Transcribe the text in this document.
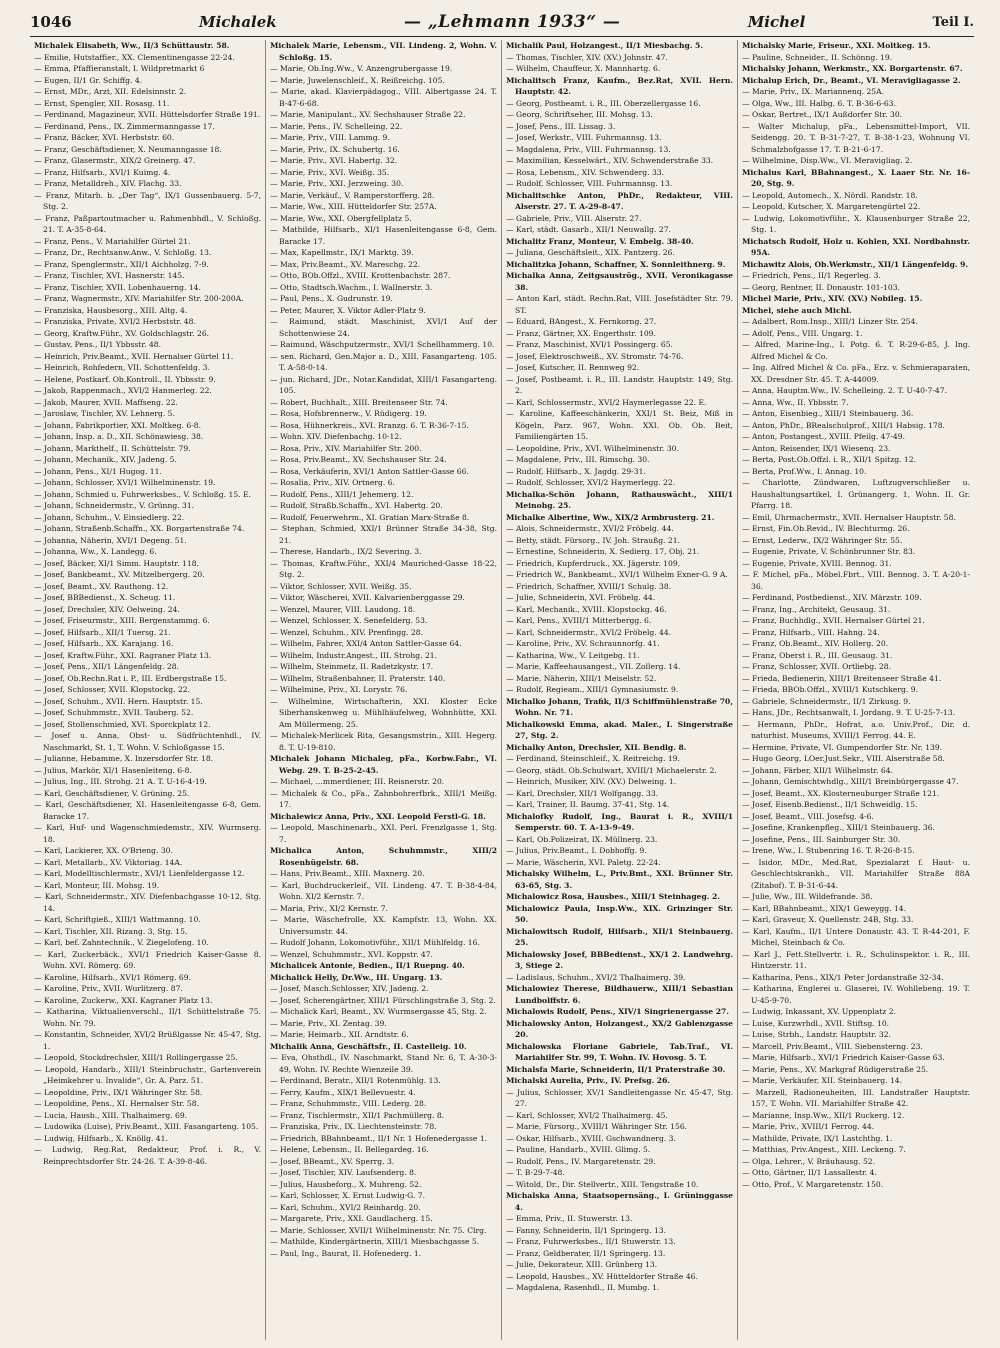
1046	Michalek	— „Lehmann 1933“ —	Michel	Teil I.
Michalek Elisabeth, Ww., II/3 Schüttaustr. 58.
— Emilie, Hutstaffier., XX. Clementinengasse 22-24.
— Emma, Pfaffieranstalt, I. Wildpretmarkt 6
— Eugen, II/1 Gr. Schiffg. 4.
— Ernst, MDr., Arzt, XII. Edelsinnstr. 2.
— Ernst, Spengler, XII. Rosasg. 11.
— Ferdinand, Magazineur, XVII. Hüttelsdorfer Straße 191.
— Ferdinand, Pens., IX. Zimmermanngasse 17.
— Franz, Bäcker, XVI. Herbststr. 60.
— Franz, Geschäftsdiener, X. Neumanngasse 18.
— Franz, Glasermstr., XIX/2 Greinerg. 47.
— Franz, Hilfsarb., XVI/1 Kuimg. 4.
— Franz, Metalldreh., XIV. Flachg. 33.
— Franz, Mitarb. b. „Der Tag“, IX/1 Gussenbauerg. 5-7, Stg. 2.
— Franz, Paßpartoutmacher u. Rahmenbhdl., V. Schloßg. 21. T. A-35-8-64.
— Franz, Pens., V. Mariahilfer Gürtel 21.
— Franz, Dr., Rechtsanw.Anw., V. Schloßg. 13.
— Franz, Spenglermstr., XII/1 Aichholzg. 7-9.
— Franz, Tischler, XVI. Hasnerstr. 145.
— Franz, Tischler, XVII. Lobenhauerng. 14.
— Franz, Wagnermstr., XIV. Mariahilfer Str. 200-200A.
— Franziska, Hausbesorg., XIII. Altg. 4.
— Franziska, Private, XVI/2 Herbststr. 48.
— Georg, Kraftw.Führ., XV. Goldschlagstr. 26.
— Gustav, Pens., II/1 Ybbsstr. 48.
— Heinrich, Priv.Beamt., XVII. Hernalser Gürtel 11.
— Heinrich, Rohfedern, VII. Schottenfeldg. 3.
— Helene, Postkarf. Ob.Kontroll., II. Ybbsstr. 9.
— Jakob, Rappenmach., XVI/2 Hanmerleg. 22.
— Jakob, Maurer, XVII. Maffseng. 22.
— Jaroslaw, Tischler, XV. Lehnerg. 5.
— Johann, Fabrikportier, XXI. Moltkeg. 6-8.
— Johann, Insp. a. D., XII. Schönawiesg. 38.
— Johann, Markthelf., II. Schüttelstr. 79.
— Johann, Mechanik., XIV. Jadeng. 5.
— Johann, Pens., XI/1 Hugog. 11.
— Johann, Schlosser, XVI/1 Wilhelminenstr. 19.
— Johann, Schmied u. Fuhrwerksbes., V. Schloßg. 15. E.
— Johann, Schneidermstr., V. Grünng. 31.
— Johann, Schuhm., V. Einsiedlerg. 22.
— Johann, Straßenb.Schaffn., XX. Borgartenstraße 74.
— Johanna, Näherin, XVI/1 Degeng. 51.
— Johanna, Ww., X. Landegg. 6.
— Josef, Bäcker, XI/1 Simm. Hauptstr. 118.
— Josef, Bankbeamt., XV. Mitzelbergerg. 20.
— Josef, Beamt., XV. Rauthong. 12.
— Josef, BBBedienst., X. Scheug. 11.
— Josef, Drechsler, XIV. Oelweing. 24.
— Josef, Friseurmstr., XIII. Bergenstammg. 6.
— Josef, Hilfsarb., XII/1 Tuersg. 21.
— Josef, Hilfsarb., XX. Karajang. 16.
— Josef, Kraftw.Führ., XXI. Ragraner Platz 13.
— Josef, Pens., XII/1 Längenfeldg. 28.
— Josef, Ob.Rechn.Rat i. P., III. Erdbergstraße 15.
— Josef, Schlosser, XVII. Klopstockg. 22.
— Josef, Schuhm., XVII. Hern. Hauptstr. 15.
— Josef, Schuhmmstr., XVII. Tauberg. 52.
— Josef, Stollenschmied, XVI. Sporckplatz 12.
— Josef u. Anna, Obst- u. Südfrüchtenhdl., IV. Naschmarkt, St. 1, T. Wohn. V. Schloßgasse 15.
— Julianne, Hebamme, X. Inzersdorfer Str. 18.
— Julius, Markör, XI/1 Hasenleiteng. 6-8.
— Julius, Ing., III. Strohg. 21 A. T. U-16-4-19.
— Karl, Geschäftsdiener, V. Grüning. 25.
— Karl, Geschäftsdiener, XI. Hasenleitengasse 6-8, Gem. Baracke 17.
— Karl, Huf- und Wagenschmiedemstr., XIV. Wurmserg. 18.
— Karl, Lackierer, XX. O'Brieng. 30.
— Karl, Metallarb., XV. Viktoriag. 14A.
— Karl, Modelltischlermstr., XVI/1 Lienfeldergasse 12.
— Karl, Monteur, III. Mohsg. 19.
— Karl, Schneidermstr., XIV. Diefenbachgasse 10-12, Stg. 14.
— Karl, Schriftgieß., XIII/1 Wattmanng. 10.
— Karl, Tischler, XII. Rizang. 3, Stg. 15.
— Karl, bef. Zahntechnik., V. Ziegelofeng. 10.
— Karl, Zuckerbäck., XVI/1 Friedrich Kaiser-Gasse 8. Wohn. XVI. Römerg. 69.
— Karoline, Hilfsarb., XVI/1 Römerg. 69.
— Karoline, Priv., XVII. Wurlitzerg. 87.
— Karoline, Zuckerw., XXI. Kagraner Platz 13.
— Katharina, Viktualienverschl., II/1 Schüttelstraße 75. Wohn. Nr. 79.
— Konstantin, Schneider, XVI/2 Brüßlgasse Nr. 45-47, Stg. 1.
— Leopold, Stockdrechsler, XIII/1 Rollingergasse 25.
— Leopold, Handarb., XIII/1 Steinbruchstr., Gartenverein „Heimkehrer u. Invalide“, Gr. A. Parz. 51.
— Leopoldine, Priv., IX/1 Währinger Str. 58.
— Leopoldine, Pens., XI. Hernalser Str. 58.
— Lucia, Hausb., XIII. Thalhaimerg. 69.
— Ludowika (Luise), Priv.Beamt., XIII. Fasangarteng. 105.
— Ludwig, Hilfsarb., X. Knöllg. 41.
— Ludwig, Reg.Rat, Redakteur, Prof. i. R., V. Reinprechtsdorfer Str. 24-26. T. A-39-8-46.
Michalek Marie, Lebensm., VII. Lindeng. 2, Wohn. V. Schloßg. 15.
— Marie, Ob.Ing.Ww., V. Anzengrubergasse 19.
— Marie, Juwelenschleif., X. Reißreichg. 105.
— Marie, akad. Klavierpädagog., VIII. Albertgasse 24. T. B-47-6-68.
— Marie, Manipulant., XV. Sechshauser Straße 22.
— Marie, Pens., IV. Schelleing. 22.
— Marie, Priv., VIII. Lammg. 9.
— Marie, Priv., IX. Schubertg. 16.
— Marie, Priv., XVI. Habertg. 32.
— Marie, Priv., XVI. Weißg. 35.
— Marie, Priv., XXI. Jerzweing. 30.
— Marie, Verkäuf., V. Ramperstorfferg. 28.
— Marie, Ww., XIII. Hütteldorfer Str. 257A.
— Marie, Ww., XXI. Obergfellplatz 5.
— Mathilde, Hilfsarb., XI/1 Hasenleitengasse 6-8, Gem. Baracke 17.
— Max, Kapellmstr., IX/1 Marktg. 39.
— Max, Priv.Beamt., XV. Mareschg. 22.
— Otto, BOb.Offzl., XVIII. Krottenbachstr. 287.
— Otto, Stadtsch.Wachm., I. Wallnerstr. 3.
— Paul, Pens., X. Gudrunstr. 19.
— Peter, Maurer, X. Viktor Adler-Platz 9.
— Raimund, städt. Maschinist, XVI/1 Auf der Schottenwiese 24.
— Raimund, Wäschputzermstr., XVI/1 Schellhammerg. 10.
— sen. Richard, Gen.Major a. D., XIII. Fasangarteng. 105. T. A-58-0-14.
— jun. Richard, JDr., Notar.Kandidat, XIII/1 Fasangarteng. 105.
— Robert, Buchhalt., XIII. Breitenseer Str. 74.
— Rosa, Hofsbrennerw., V. Rüdigerg. 19.
— Rosa, Hühnerkreis., XVI. Rranzg. 6. T. R-36-7-15.
— Wohn. XIV. Diefenbachg. 10-12.
— Rosa, Priv., XIV. Mariahilfer Str. 200.
— Rosa, Priv.Beamt., XV. Sechshauser Str. 24.
— Rosa, Verkäuferin, XVI/1 Anton Sattler-Gasse 66.
— Rosalia, Priv., XIV. Ortnerg. 6.
— Rudolf, Pens., XIII/1 Jehemerg. 12.
— Rudolf, Straßb.Schaffn., XVI. Habertg. 20.
— Rudolf, Feuerwehrm., XI. Gratian Marx-Straße 8.
— Stephan, Schmied, XXI/1 Brünner Straße 34-38, Stg. 21.
— Therese, Handarb., IX/2 Severing. 3.
— Thomas, Kraftw.Führ., XXI/4 Mauriched-Gasse 18-22, Stg. 2.
— Viktor, Schlosser, XVII. Weißg. 35.
— Viktor, Wäscherei, XVII. Kalvarienberggasse 29.
— Wenzel, Maurer, VIII. Laudong. 18.
— Wenzel, Schlosser, X. Senefelderg. 53.
— Wenzel, Schuhm., XIV. Prenfingg. 28.
— Wilhelm, Fahrer, XXI/4 Anton Sattler-Gasse 64.
— Wilhelm, Industr.Angest., III. Strohg. 21.
— Wilhelm, Steinmetz, II. Radetzkystr. 17.
— Wilhelm, Straßenbahner, II. Praterstr. 140.
— Wilhelmine, Priv., XI. Lorystr. 76.
— Wilhelmine, Wirtschafterin, XXI. Kloster Ecke Siberhanskenweg u. Mühlhäufelweg, Wohnhütte, XXI. Am Müllermeng. 25.
— Michalek-Merlicek Rita, Gesangsmstrin., XIII. Hegerg. 8. T. U-19-810.
Michalek Johann Michaleg, pFa., Korbw.Fabr., VI. Webg. 29. T. B-25-2-45.
— Michael, ...mmerdiener, III. Reisnerstr. 20.
— Michalek & Co., pFa., Zahnbohrerfbrk., XIII/1 Meißg. 17.
Michalewicz Anna, Priv., XXI. Leopold Ferstl-G. 18.
— Leopold, Maschinenarb., XXI. Perl. Frenzlgasse 1, Stg. 7.
Michalica Anton, Schuhmmstr., XIII/2 Rosenhügelstr. 68.
— Hans, Priv.Beamt., XIII. Maxnerg. 20.
— Karl, Buchdruckerleif., VII. Lindeng. 47. T. B-38-4-84, Wohn. XI/2 Kernstr. 7.
— Maria, Priv., XI/2 Kernstr. 7.
— Marie, Wäschefrolle, XX. Kampfstr. 13, Wohn. XX. Universumstr. 44.
— Rudolf Johann, Lokomotivführ., XII/1 Mühlfeldg. 16.
— Wenzel, Schuhmmstr., XVI. Koppstr. 47.
Michalicek Antonie, Bedien., II/1 Ruepng. 40.
Michalick Helly, Dr.Ww., III. Ungarg. 13.
— Josef, Masch.Schlosser, XIV. Jadeng. 2.
— Josef, Scherengärtner, XIII/1 Fürschlingstraße 3, Stg. 2.
— Michalick Karl, Beamt., XV. Wurmsergasse 45, Stg. 2.
— Marie, Priv., XI. Zentag. 39.
— Marie, Heimarb., XII. Arndtstr. 6.
Michalik Anna, Geschäftsfr., II. Castelleig. 10.
— Eva, Ohsthdl., IV. Naschmarkt, Stand Nr. 6, T. A-30-3-49, Wohn. IV. Rechte Wienzeile 39.
— Ferdinand, Beratr., XII/1 Rotenmühlg. 13.
— Ferry, Kaufm., XIX/1 Bellevuestr. 4.
— Franz, Schuhmmstr., VIII. Lederg. 28.
— Franz, Tischlermstr., XII/1 Pachmüllerg. 8.
— Franziska, Priv., IX. Liechtensteinstr. 78.
— Friedrich, BBahnbeamt., II/1 Nr. 1 Hofenedergasse 1.
— Helene, Lebensm., II. Bellegardeg. 16.
— Josef, BBeamt., XV. Sperrg. 3.
— Josef, Tischler, XIV. Laufsenderg. 8.
— Julius, Hausbeforg., X. Muhreng. 52.
— Karl, Schlosser, X. Ernst Ludwig-G. 7.
— Karl, Schuhm., XVI/2 Reinhardg. 20.
— Margarete, Priv., XXI. Gaudlacherg. 15.
— Marie, Schlosser, XVII/1 Wilhelminenstr. Nr. 75. Clrg.
— Mathilde, Kindergärtnerin, XIII/1 Miesbachgasse 5.
— Paul, Ing., Baurat, II. Hofenederg. 1.
Michalik Paul, Holzangest., II/1 Miesbachg. 5.
— Thomas, Tischler, XIV. (XV.) Johnstr. 47.
— Wilhelm, Chauffeur, X. Mannhartg. 6.
Michalitsch Franz, Kaufm., Bez.Rat, XVII. Hern. Hauptstr. 42.
— Georg, Postbeamt. i. R., III. Oberzellergasse 16.
— Georg, Schriftseher, III. Mohsg. 13.
— Josef, Pens., III. Lissag. 3.
— Josef, Werkstr., VIII. Fuhrmannsg. 13.
— Magdalena, Priv., VIII. Fuhrmannsg. 13.
— Maximilian, Kesselwärt., XIV. Schwenderstraße 33.
— Rosa, Lebensm., XIV. Schwenderg. 33.
— Rudolf, Schlosser, VIII. Fuhrmannsg. 13.
Michalitschke Anton, PhDr., Redakteur, VIII. Alserstr. 27. T. A-29-8-47.
— Gabriele, Priv., VIII. Alserstr. 27.
— Karl, städt. Gasarb., XII/1 Neuwallg. 27.
Michalitz Franz, Monteur, V. Embelg. 38-40.
— Juliana, Geschäftsleit., XIX. Pantzerg. 26.
Michalitzka Johann, Schaffner, X. Sonnleithnerg. 9.
Michalka Anna, Zeitgsauströg., XVII. Veronikagasse 38.
— Anton Karl, städt. Rechn.Rat, VIII. Josefstädter Str. 79. ST.
— Eduard, BAngest., X. Fernkorng. 27.
— Franz, Gärtner, XX. Engerthstr. 109.
— Franz, Maschinist, XVI/1 Possingerg. 65.
— Josef, Elektroschweiß., XV. Stromstr. 74-76.
— Josef, Kutscher, II. Rennweg 92.
— Josef, Postbeamt. i. R., III. Landstr. Hauptstr. 149, Stg. 2.
— Karl, Schlossermstr., XVI/2 Haymerlegasse 22. E.
— Karoline, Kaffeeschänkerin, XXI/1 St. Beiz, Miß in Kögeln, Parz. 967, Wohn. XXI. Ob. Ob. Beit, Familiengärten 15.
— Leopoldine, Priv., XVI. Wilhelminenstr. 30.
— Magdalene, Priv., III. Rimschg. 30.
— Rudolf, Hilfsarb., X. Jagdg. 29-31.
— Rudolf, Schlosser, XVI/2 Haymerlegg. 22.
Michalka-Schön Johann, Rathauswächt., XIII/1 Meinohg. 25.
Michalke Albertine, Ww., XIX/2 Armbrusterg. 21.
— Alois, Schneidermstr., XVI/2 Fröbelg. 44.
— Betty, städt. Fürsorg., IV. Joh. Straußg. 21.
— Ernestine, Schneiderin, X. Sedierg. 17, Obj. 21.
— Friedrich, Kupferdruck., XX. Jägerstr. 109.
— Friedrich W., Bankbeamt., XVI/1 Wilhelm Exner-G. 9 A.
— Friedrich, Schaffner, XVIII/1 Schulg. 38.
— Julie, Schneiderin, XVI. Fröbelg. 44.
— Karl, Mechanik., XVIII. Klopstockg. 46.
— Karl, Pens., XVIII/1 Mitterbergg. 6.
— Karl, Schneidermstr., XVI/2 Fröbelg. 44.
— Karoline, Priv., XV. Schraunnorfg. 41.
— Katharina, Ww., V. Leitgebg. 11.
— Marie, Kaffeehausangest., VII. Zollerg. 14.
— Marie, Näherin, XIII/1 Meiselstr. 52.
— Rudolf, Regieam., XIII/1 Gymnasiumstr. 9.
Michalko Johann, Trafik, II/3 Schiffmühlenstraße 70, Wohn. Nr. 71.
Michalkowski Emma, akad. Maler., I. Singerstraße 27, Stg. 2.
Michalky Anton, Drechsler, XII. Bendlg. 8.
— Ferdinand, Steinschleif., X. Reitreichg. 19.
— Georg, städt. Ob.Schulwart, XVIII/1 Michaelerstr. 2.
— Heinrich, Musiker, XIV. (XV.) Delweing. 1.
— Karl, Drechsler, XII/1 Wolfgangg. 33.
— Karl, Trainer, II. Baumg. 37-41, Stg. 14.
Michalofky Rudolf, Ing., Baurat i. R., XVIII/1 Semperstr. 60. T. A-13-9-49.
— Karl, Ob.Polizeirat, IX. Müllnerg. 23.
— Julius, Priv.Beamt., I. Dobhoffg. 9.
— Marie, Wäscherin, XVI. Paletg. 22-24.
Michalsky Wilhelm, L., Priv.Bmt., XXI. Brünner Str. 63-65, Stg. 3.
Michalowicz Rosa, Hausbes., XIII/1 Steinhageg. 2.
Michalowicz Paula, Insp.Ww., XIX. Grinzinger Str. 50.
Michalowitsch Rudolf, Hilfsarb., XII/1 Steinbauerg. 25.
Michalowsky Josef, BBBedienst., XX/1 2. Landwehrg. 3, Stiege 2.
— Ladislaus, Schuhm., XVI/2 Thalhaimerg. 39.
Michalowiez Therese, Bildhauerw., XIII/1 Sebastian Lundbolffstr. 6.
Michalowis Rudolf, Pens., XIV/1 Singrienergasse 27.
Michalowsky Anton, Holzangest., XX/2 Gablenzgasse 20.
Michalowska Floriane Gabriele, Tab.Traf., VI. Mariahilfer Str. 99, T. Wohn. IV. Hovosg. 5. T.
Michalsfa Marie, Schneiderin, II/1 Praterstraße 30.
Michalski Aurelia, Priv., IV. Prefsg. 26.
— Julius, Schlosser, XV/1 Sandleitengasse Nr. 45-47, Stg. 27.
— Karl, Schlosser, XVI/2 Thalhaimerg. 45.
— Marie, Fürsorg., XVIII/1 Währinger Str. 156.
— Oskar, Hilfsarb., XVIII. Gschwandnerg. 3.
— Pauline, Handarb., XVIII. Glimg. 5.
— Rudolf, Pens., IV. Margaretenstr. 29.
— T. B-29-7-48.
— Witold, Dr., Dir. Stellvertr., XIII. Tengstraße 10.
Michalska Anna, Staatsopernsäng., I. Grüninggasse 4.
— Emma, Priv., II. Stuwerstr. 13.
— Fanny, Schneiderin, II/1 Springerg. 13.
— Franz, Fuhrwerksbes., II/1 Stuwerstr. 13.
— Franz, Geldberater, II/1 Springerg. 13.
— Julie, Dekorateur, XIII. Grünberg 13.
— Leopold, Hausbes., XV. Hütteldorfer Straße 46.
— Magdalena, Rasenhdl., II. Mumbg. 1.
Michalsky Marie, Friseur., XXI. Moltkeg. 15.
— Pauline, Schneider., II. Schönng. 19.
Michalsky Johann, Werkmstr., XX. Borgartenstr. 67.
Michalup Erich, Dr., Beamt., VI. Meravigliagasse 2.
— Marie, Priv., IX. Mariannenq. 25A.
— Olga, Ww., III. Halbg. 6. T. B-36-6-63.
— Oskar, Bertret., IX/1 Außdorfer Str. 30.
— Walter Michalup, pFa., Lebensmittel-Import, VII. Seidengg. 20. T. B-31-7-27, T. B-38-1-23, Wohnung VI. Schmalzhofgasse 17. T. B-21-6-17.
— Wilhelmine, Disp.Ww., VI. Meravigliag. 2.
Michalus Karl, BBahnangest., X. Laaer Str. Nr. 16-20, Stg. 9.
— Leopold, Automech., X. Nördl. Randstr. 18.
— Leopold, Kutscher, X. Margaretengürtel 22.
— Ludwig, Lokomotivführ., X. Klausenburger Straße 22, Stg. 1.
Michatsch Rudolf, Holz u. Kohlen, XXI. Nordbahnstr. 95A.
Michawitz Alois, Ob.Werkmstr., XII/1 Längenfeldg. 9.
— Friedrich, Pens., II/1 Regerleg. 3.
— Georg, Rentner, II. Donaustr. 101-103.
Michel Marie, Priv., XIV. (XV.) Nobileg. 15.
Michel, siehe auch Michl.
— Adalbert, Rom.Insp., XIII/1 Linzer Str. 254.
— Adolf, Pens., VIII. Ungarg. 1.
— Alfred, Marine-Ing., I. Potg. 6. T. R-29-6-85, J. Ing. Alfred Michel & Co.
— Ing. Alfred Michel & Co. pFa., Erz. v. Schmieraparaten, XX. Dresdner Str. 45. T. A-44009.
— Anna, Hauptm.Ww., IV. Schelleing. 2. T. U-40-7-47.
— Anna, Ww., II. Ybbsstr. 7.
— Anton, Eisenbieg., XIII/1 Steinbauerg. 36.
— Anton, PhDr., BRealschulprof., XIII/1 Habsig. 178.
— Anton, Postangest., XVIII. Pfeilg. 47-49.
— Anton, Reisender, IX/1 Wiesenq. 23.
— Berta, Post.Ob.Offzl. i. R., XII/1 Spitzg. 12.
— Berta, Prof.Ww., I. Annag. 10.
— Charlotte, Zündwaren, Luftzugverschließer u. Haushaltungsartikel, I. Grünangerg. 1, Wohn. II. Gr. Pfarrg. 18.
— Emil, Uhrmachermstr., XVII. Hernalser Hauptstr. 58.
— Ernst, Fin.Ob.Revid., IV. Blechturmg. 26.
— Ernst, Lederw., IX/2 Währinger Str. 55.
— Eugenie, Private, V. Schönbrunner Str. 83.
— Eugenie, Private, XVIII. Bennog. 31.
— F. Michel, pFa., Möbel.Fbrt., VIII. Bennog. 3. T. A-20-1-36.
— Ferdinand, Postbedienst., XIV. Märzstr. 109.
— Franz, Ing., Architekt, Geusaug. 31.
— Franz, Buchhdlg., XVII. Hernalser Gürtel 21.
— Franz, Hilfsarb., VIII. Hahng. 24.
— Franz, Ob.Beamt., XIV. Hollerg. 20.
— Franz, Oberst i. R., III. Geusaug. 31.
— Franz, Schlosser, XVII. Ortliebg. 28.
— Frieda, Bedienerin, XIII/1 Breitenseer Straße 41.
— Frieda, BBOb.Offzl., XVIII/1 Kutschkerg. 9.
— Gabriele, Schneidermstr., II/1 Zirkusg. 9.
— Hans, JDr., Rechtsanwalt, I. Jordang. 9. T. U-25-7-13.
— Hermann, PhDr., Hofrat, a.o. Univ.Prof., Dir. d. naturhist. Museums, XVIII/1 Ferrog. 44. E.
— Hermine, Private, VI. Gumpendorfer Str. Nr. 139.
— Hugo Georg, LOer.Just.Sekr., VIII. Alserstraße 58.
— Johann, Färber, XII/1 Wilhelmstr. 64.
— Johann, Gemischtwhdlg., XIII/1 Breinbürgergasse 47.
— Josef, Beamt., XX. Klosterneuburger Straße 121.
— Josef, Eisenb.Bedienst., II/1 Schweidlg. 15.
— Josef, Beamt., VIII. Josefsg. 4-6.
— Josefine, Krankenpfleg., XIII/1 Steinbauerg. 36.
— Josefine, Pens., III. Sainburger Str. 30.
— Irene, Ww., I. Stubenring 16. T. R-26-8-15.
— Isidor, MDr., Med.Rat, Spezialarzt f. Haut- u. Geschlechtskrankh., VII. Mariahilfer Straße 88A (Zitabof). T. B-31-6-44.
— Julie, Ww., III. Wildefrande. 38.
— Karl, BBahnbeamt., XIX/1 Geweygg. 14.
— Karl, Graveur, X. Quellenstr. 24B, Stg. 33.
— Karl, Kaufm., II/1 Untere Donaustr. 43. T. R-44-201, F. Michel, Steinbach & Co.
— Karl J., Fett.Stellvertr. i. R., Schulinspektor. i. R., III. Hintzerstr. 11.
— Katharina, Pens., XIX/1 Peter Jordanstraße 32-34.
— Katharina, Englerei u. Glaserei, IV. Wohllebeng. 19. T. U-45-9-70.
— Ludwig, Inkassant, XV. Uppenplatz 2.
— Luise, Kurzwrhdl., XVII. Stiftsg. 10.
— Luise, Strbh., Landstr. Hauptstr. 32.
— Marcell, Priv.Beamt., VIII. Siebensterng. 23.
— Marie, Hilfsarb., XVI/1 Friedrich Kaiser-Gasse 63.
— Marie, Pens., XV. Markgraf Rüdigerstraße 25.
— Marie, Verkäufer, XII. Steinbauerg. 14.
— Marzell, Radioneuheiten, III. Landstraßer Hauptstr. 157, T. Wohn. VII. Mariahilfer Straße 42.
— Marianne, Insp.Ww., XII/1 Ruckerg. 12.
— Marie, Priv., XVIII/1 Ferrog. 44.
— Mathilde, Private, IX/1 Lastchthg. 1.
— Matthias, Priv.Angest., XIII. Leckeng. 7.
— Olga, Lehrer., V. Bräuhausg. 52.
— Otto, Gärtner, II/1 Lassallestr. 4.
— Otto, Prof., V. Margaretenstr. 150.
